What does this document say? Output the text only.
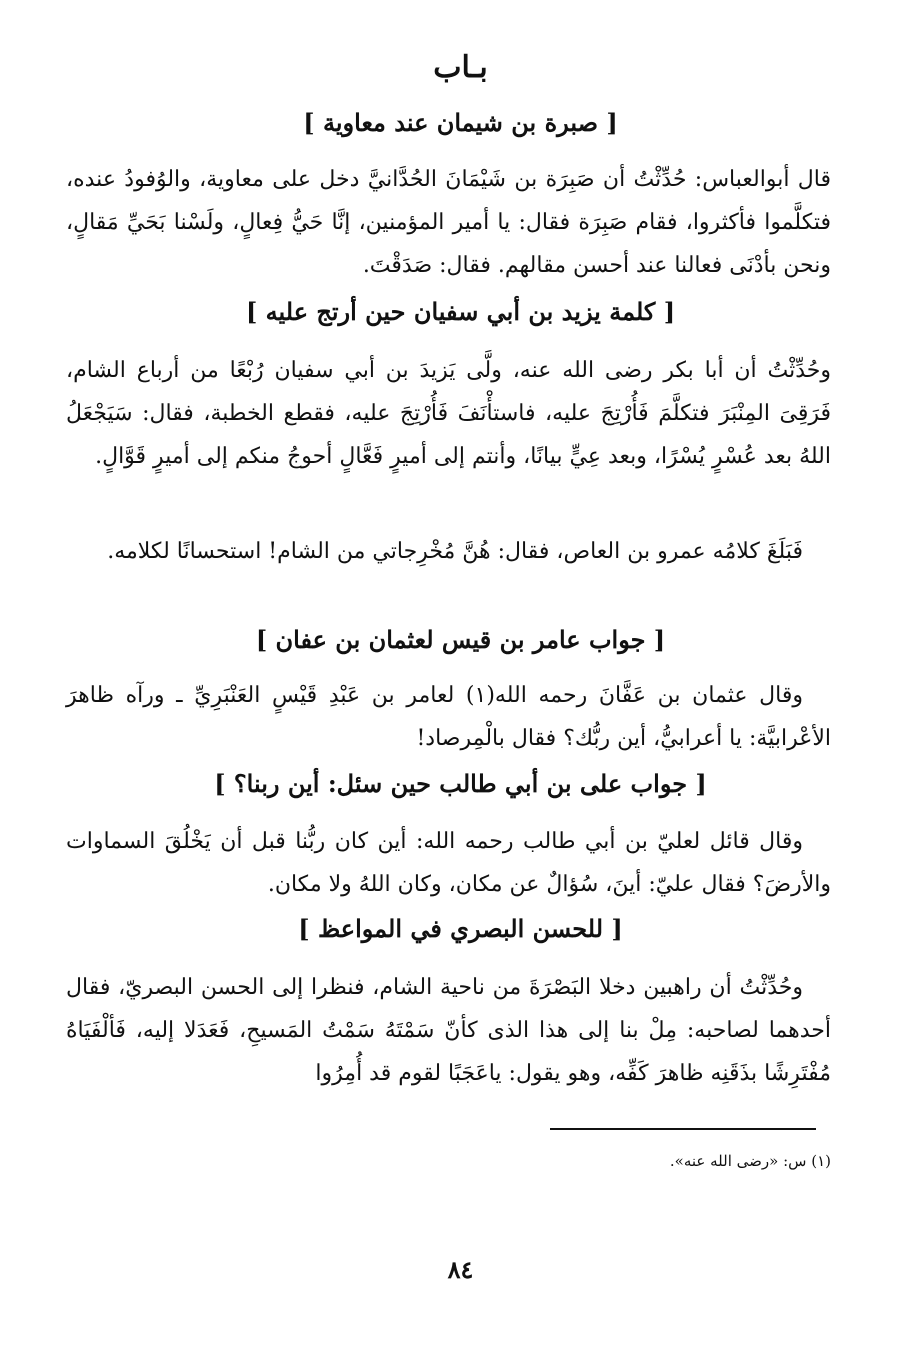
بـاب
[ صبرة بن شيمان عند معاوية ]
قال أبوالعباس: حُدِّثْتُ أن صَبِرَة بن شَيْمَانَ الحُدَّانيَّ دخل على معاوية، والوُفودُ عنده، فتكلَّموا فأكثروا، فقام صَبِرَة فقال: يا أمير المؤمنين، إنَّا حَيُّ فِعالٍ، ولَسْنا بَحَيِّ مَقالٍ، ونحن بأدْنَى فعالنا عند أحسن مقالهم. فقال: صَدَقْتَ.
[ كلمة يزيد بن أبي سفيان حين أرتج عليه ]
وحُدِّثْتُ أن أبا بكر رضى الله عنه، ولَّى يَزيدَ بن أبي سفيان رُبْعًا من أرباع الشام، فَرَقِىَ المِنْبَرَ فتكلَّمَ فَأُرْتِجَ عليه، فاستأْنَفَ فَأُرْتِجَ عليه، فقطع الخطبة، فقال: سَيَجْعَلُ اللهُ بعد عُسْرٍ يُسْرًا، وبعد عِيٍّ بيانًا، وأنتم إلى أميرٍ فَعَّالٍ أحوجُ منكم إلى أميرٍ قَوَّالٍ.
فَبَلَغَ كلامُه عمرو بن العاص، فقال: هُنَّ مُخْرِجاتي من الشام! استحسانًا لكلامه.
[ جواب عامر بن قيس لعثمان بن عفان ]
وقال عثمان بن عَفَّانَ رحمه الله(١) لعامر بن عَبْدِ قَيْسٍ العَنْبَرِيِّ ـ ورآه ظاهرَ الأعْرابيَّة: يا أعرابيُّ، أين ربُّك؟ فقال بالْمِرصاد!
[ جواب على بن أبي طالب حين سئل: أين ربنا؟ ]
وقال قائل لعليّ بن أبي طالب رحمه الله: أين كان ربُّنا قبل أن يَخْلُقَ السماوات والأرضَ؟ فقال عليّ: أينَ، سُؤالٌ عن مكان، وكان اللهُ ولا مكان.
[ للحسن البصري في المواعظ ]
وحُدِّثْتُ أن راهبين دخلا البَصْرَةَ من ناحية الشام، فنظرا إلى الحسن البصريّ، فقال أحدهما لصاحبه: مِلْ بنا إلى هذا الذى كأنّ سَمْتَهُ سَمْتُ المَسيحِ، فَعَدَلا إليه، فَألْفَيَاهُ مُفْتَرِشًا بذَقَنِه ظاهرَ كَفِّه، وهو يقول: ياعَجَبًا لقوم قد أُمِرُوا
(١) س: «رضى الله عنه».
٨٤
